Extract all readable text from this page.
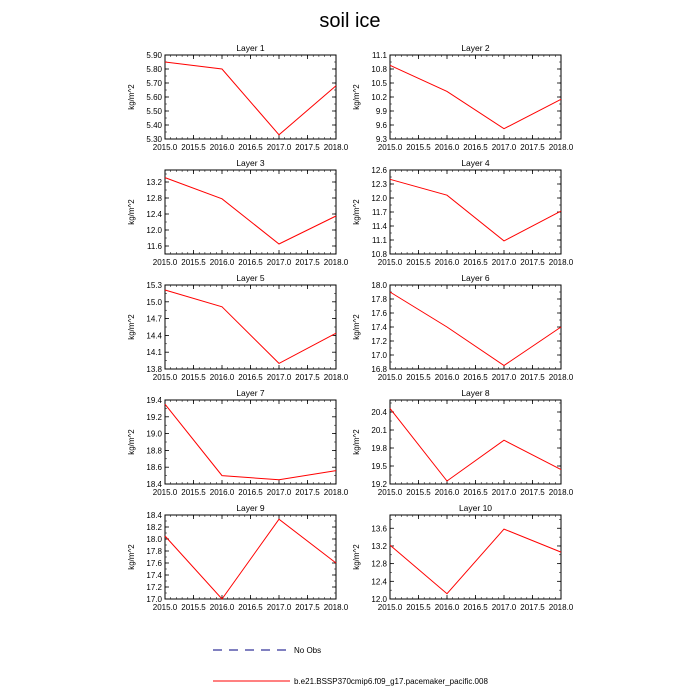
soil ice
Layer 1
kg/m^2
2015.0 2015.5 2016.0 2016.5 2017.0 2017.5 2018.0
5.30
5.40
5.50
5.60
5.70
5.80
5.90
Layer 2
kg/m^2
2015.0 2015.5 2016.0 2016.5 2017.0 2017.5 2018.0
9.3
9.6
9.9
10.2
10.5
10.8
11.1
Layer 3
kg/m^2
2015.0 2015.5 2016.0 2016.5 2017.0 2017.5 2018.0
11.6
12.0
12.4
12.8
13.2
Layer 4
kg/m^2
2015.0 2015.5 2016.0 2016.5 2017.0 2017.5 2018.0
10.8
11.1
11.4
11.7
12.0
12.3
12.6
Layer 5
kg/m^2
2015.0 2015.5 2016.0 2016.5 2017.0 2017.5 2018.0
13.8
14.1
14.4
14.7
15.0
15.3
Layer 6
kg/m^2
2015.0 2015.5 2016.0 2016.5 2017.0 2017.5 2018.0
16.8
17.0
17.2
17.4
17.6
17.8
18.0
Layer 7
kg/m^2
2015.0 2015.5 2016.0 2016.5 2017.0 2017.5 2018.0
18.4
18.6
18.8
19.0
19.2
19.4
Layer 8
kg/m^2
2015.0 2015.5 2016.0 2016.5 2017.0 2017.5 2018.0
19.2
19.5
19.8
20.1
20.4
Layer 9
kg/m^2
2015.0 2015.5 2016.0 2016.5 2017.0 2017.5 2018.0
17.0
17.2
17.4
17.6
17.8
18.0
18.2
18.4
Layer 10
kg/m^2
2015.0 2015.5 2016.0 2016.5 2017.0 2017.5 2018.0
12.0
12.4
12.8
13.2
13.6
No Obs
b.e21.BSSP370cmip6.f09_g17.pacemaker_pacific.008
